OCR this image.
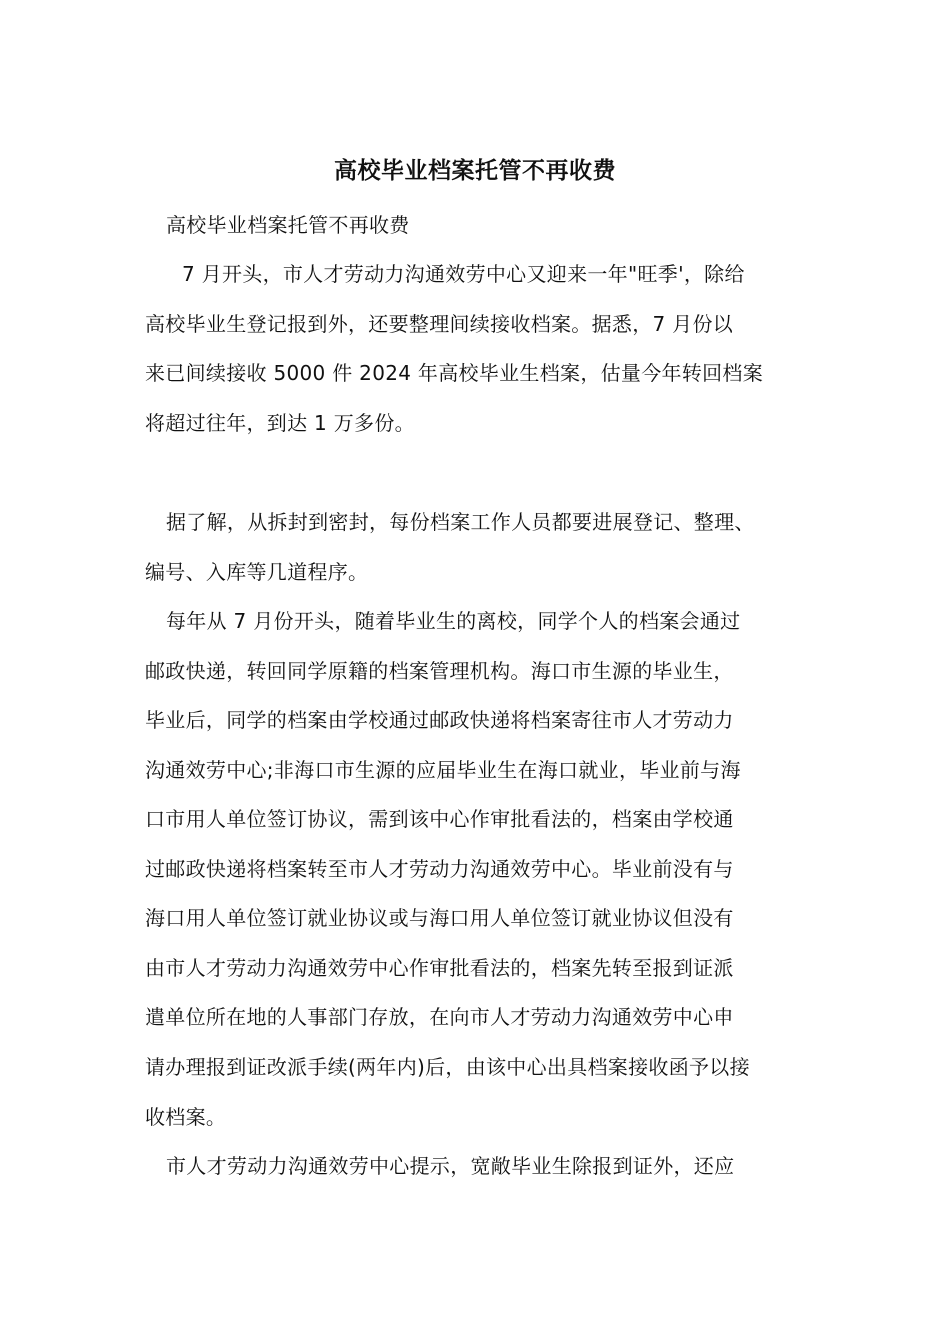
高校毕业档案托管不再收费
高校毕业档案托管不再收费
7 月开头，市人才劳动力沟通效劳中心又迎来一年"旺季'，除给
高校毕业生登记报到外，还要整理间续接收档案。据悉，7 月份以
来已间续接收 5000 件 2024 年高校毕业生档案，估量今年转回档案
将超过往年，到达 1 万多份。
据了解，从拆封到密封，每份档案工作人员都要进展登记、整理、
编号、入库等几道程序。
每年从 7 月份开头，随着毕业生的离校，同学个人的档案会通过
邮政快递，转回同学原籍的档案管理机构。海口市生源的毕业生，
毕业后，同学的档案由学校通过邮政快递将档案寄往市人才劳动力
沟通效劳中心;非海口市生源的应届毕业生在海口就业，毕业前与海
口市用人单位签订协议，需到该中心作审批看法的，档案由学校通
过邮政快递将档案转至市人才劳动力沟通效劳中心。毕业前没有与
海口用人单位签订就业协议或与海口用人单位签订就业协议但没有
由市人才劳动力沟通效劳中心作审批看法的，档案先转至报到证派
遣单位所在地的人事部门存放，在向市人才劳动力沟通效劳中心申
请办理报到证改派手续(两年内)后，由该中心出具档案接收函予以接
收档案。
市人才劳动力沟通效劳中心提示，宽敞毕业生除报到证外，还应
